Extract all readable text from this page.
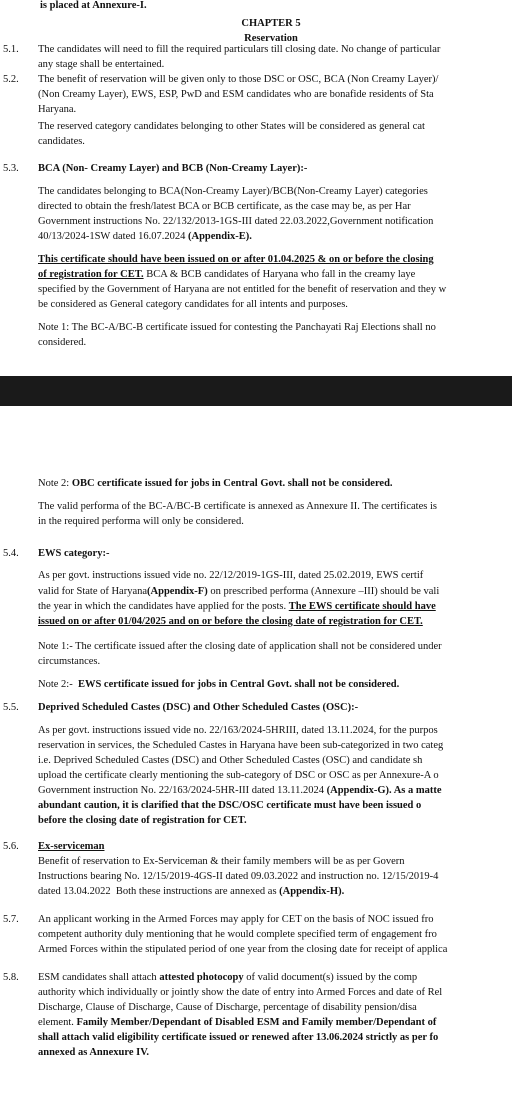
is placed at Annexure-I.
CHAPTER 5
Reservation
5.1.	The candidates will need to fill the required particulars till closing date. No change of particular
any stage shall be entertained.
5.2.	The benefit of reservation will be given only to those DSC or OSC, BCA (Non Creamy Layer)/
(Non Creamy Layer), EWS, ESP, PwD and ESM candidates who are bonafide residents of Sta
Haryana.
The reserved category candidates belonging to other States will be considered as general cat
candidates.
5.3.	BCA (Non- Creamy Layer) and BCB (Non-Creamy Layer):-
The candidates belonging to BCA(Non-Creamy Layer)/BCB(Non-Creamy Layer) categories
directed to obtain the fresh/latest BCA or BCB certificate, as the case may be, as per Har
Government instructions No. 22/132/2013-1GS-III dated 22.03.2022,Government notification
40/13/2024-1SW dated 16.07.2024 (Appendix-E).
This certificate should have been issued on or after 01.04.2025 & on or before the closing
of registration for CET. BCA & BCB candidates of Haryana who fall in the creamy laye
specified by the Government of Haryana are not entitled for the benefit of reservation and they w
be considered as General category candidates for all intents and purposes.
Note 1: The BC-A/BC-B certificate issued for contesting the Panchayati Raj Elections shall no
considered.
Note 2: OBC certificate issued for jobs in Central Govt. shall not be considered.
The valid performa of the BC-A/BC-B certificate is annexed as Annexure II. The certificates is
in the required performa will only be considered.
5.4.	EWS category:-
As per govt. instructions issued vide no. 22/12/2019-1GS-III, dated 25.02.2019, EWS certif
valid for State of Haryana(Appendix-F) on prescribed performa (Annexure –III) should be vali
the year in which the candidates have applied for the posts. The EWS certificate should have
issued on or after 01/04/2025 and on or before the closing date of registration for CET.
Note 1:- The certificate issued after the closing date of application shall not be considered under
circumstances.
Note 2:-  EWS certificate issued for jobs in Central Govt. shall not be considered.
5.5.	Deprived Scheduled Castes (DSC) and Other Scheduled Castes (OSC):-
As per govt. instructions issued vide no. 22/163/2024-5HRIII, dated 13.11.2024, for the purpos
reservation in services, the Scheduled Castes in Haryana have been sub-categorized in two categ
i.e. Deprived Scheduled Castes (DSC) and Other Scheduled Castes (OSC) and candidate sh
upload the certificate clearly mentioning the sub-category of DSC or OSC as per Annexure-A o
Government instruction No. 22/163/2024-5HR-III dated 13.11.2024 (Appendix-G). As a matte
abundant caution, it is clarified that the DSC/OSC certificate must have been issued o
before the closing date of registration for CET.
5.6.	Ex-serviceman
Benefit of reservation to Ex-Serviceman & their family members will be as per Govern
Instructions bearing No. 12/15/2019-4GS-II dated 09.03.2022 and instruction no. 12/15/2019-4
dated 13.04.2022  Both these instructions are annexed as (Appendix-H).
5.7.	An applicant working in the Armed Forces may apply for CET on the basis of NOC issued fro
competent authority duly mentioning that he would complete specified term of engagement fro
Armed Forces within the stipulated period of one year from the closing date for receipt of applica
5.8.	ESM candidates shall attach attested photocopy of valid document(s) issued by the comp
authority which individually or jointly show the date of entry into Armed Forces and date of Rel
Discharge, Clause of Discharge, Cause of Discharge, percentage of disability pension/disa
element. Family Member/Dependant of Disabled ESM and Family member/Dependant of
shall attach valid eligibility certificate issued or renewed after 13.06.2024 strictly as per fo
annexed as Annexure IV.
